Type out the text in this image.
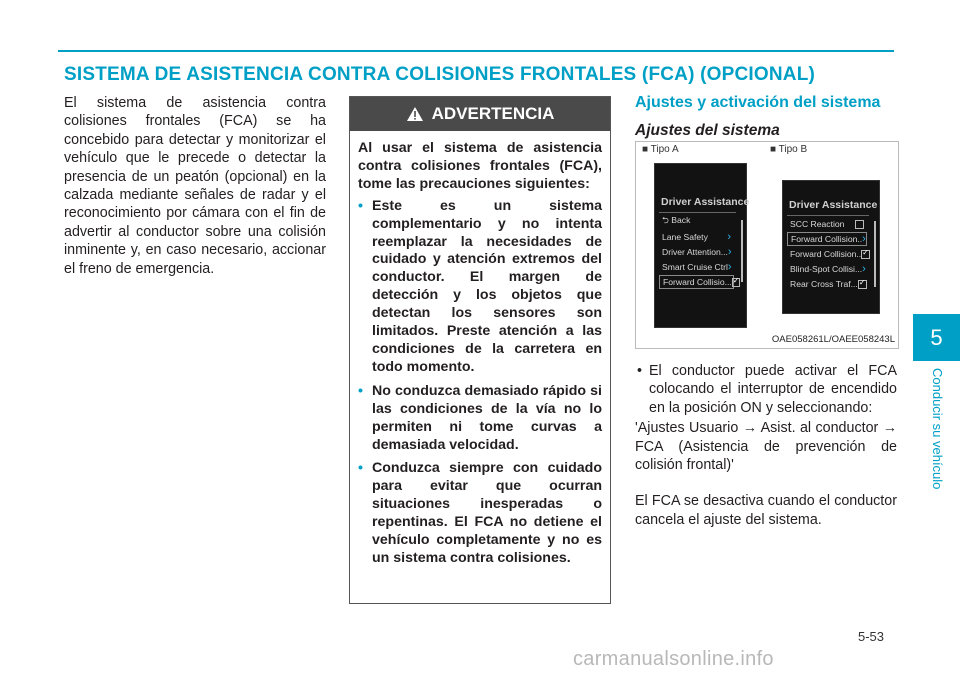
SISTEMA DE ASISTENCIA CONTRA COLISIONES FRONTALES (FCA) (OPCIONAL)
El sistema de asistencia contra colisiones frontales (FCA) se ha concebido para detectar y monitorizar el vehículo que le precede o detectar la presencia de un peatón (opcional) en la calzada mediante señales de radar y el reconocimiento por cámara con el fin de advertir al conductor sobre una colisión inminente y, en caso necesario, accionar el freno de emergencia.
ADVERTENCIA

Al usar el sistema de asistencia contra colisiones frontales (FCA), tome las precauciones siguientes:

• Este es un sistema complementario y no intenta reemplazar la necesidades de cuidado y atención extremos del conductor. El margen de detección y los objetos que detectan los sensores son limitados. Preste atención a las condiciones de la carretera en todo momento.
• No conduzca demasiado rápido si las condiciones de la vía no lo permiten ni tome curvas a demasiada velocidad.
• Conduzca siempre con cuidado para evitar que ocurran situaciones inesperadas o repentinas. El FCA no detiene el vehículo completamente y no es un sistema contra colisiones.
Ajustes y activación del sistema
Ajustes del sistema
■ Tipo A	■ Tipo B
Driver Assistance
⮌ Back
Lane Safety ›
Driver Attention... ›
Smart Cruise Ctrl ›
Forward Collisio...
✓
Driver Assistance
SCC Reaction
Forward Collision.. ›
Forward Collision..
✓
Blind-Spot Collisi... ›
Rear Cross Traf...
✓
OAE058261L/OAEE058243L

• El conductor puede activar el FCA colocando el interruptor de encendido en la posición ON y seleccionando:

'Ajustes Usuario → Asist. al conductor → FCA (Asistencia de prevención de colisión frontal)'

El FCA se desactiva cuando el conductor cancela el ajuste del sistema.

5
Conducir su vehículo
5-53
carmanualsonline.info
